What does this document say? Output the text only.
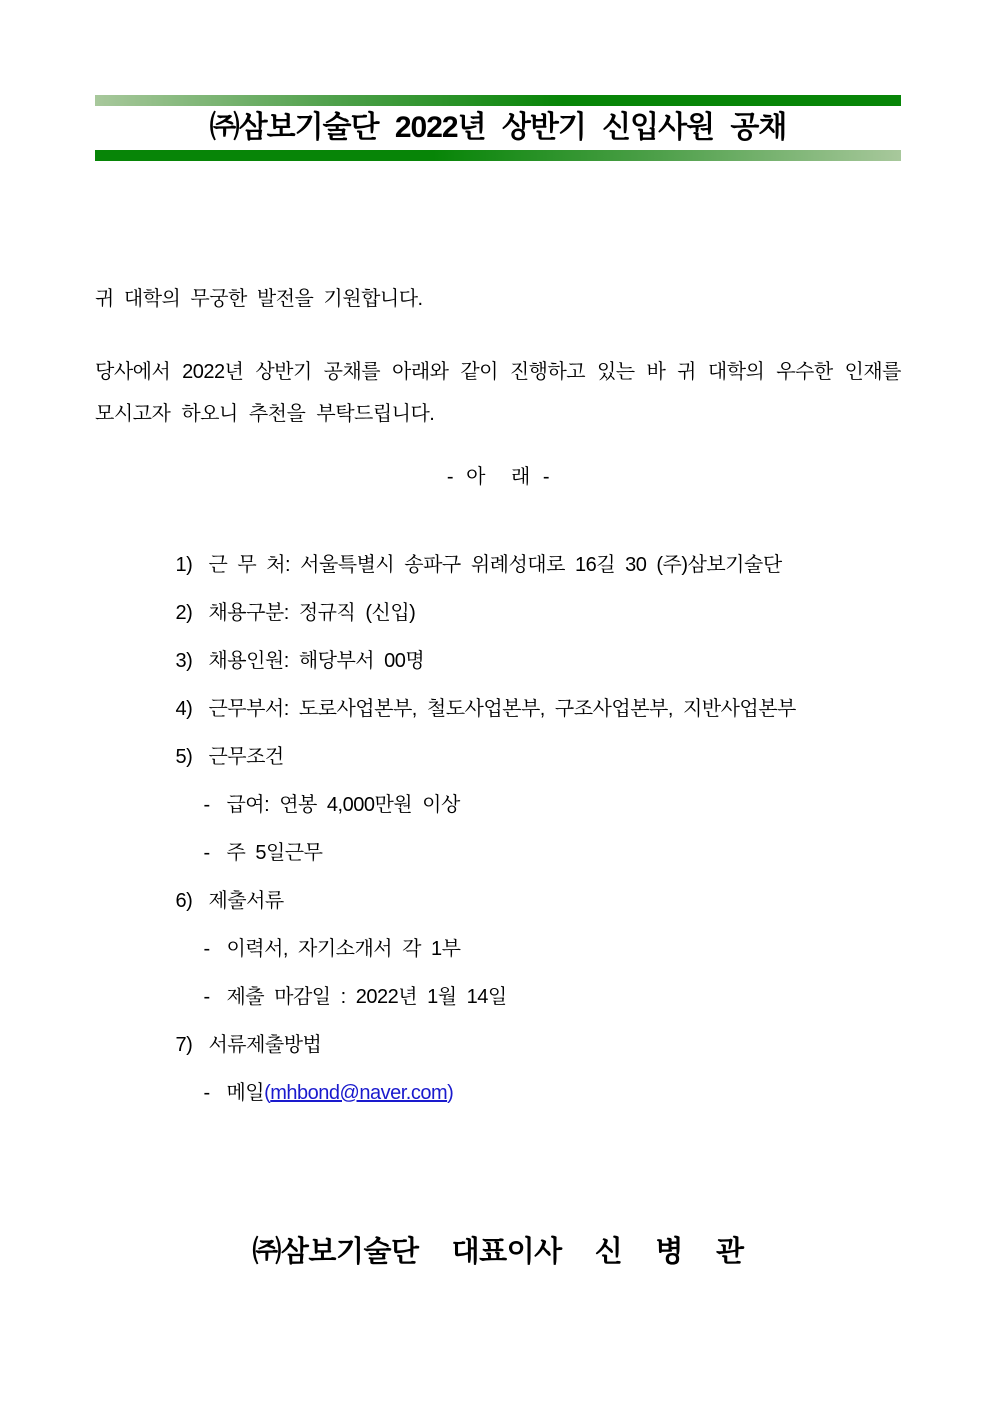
㈜삼보기술단 2022년 상반기 신입사원 공채

귀 대학의 무궁한 발전을 기원합니다.

당사에서 2022년 상반기 공채를 아래와 같이 진행하고 있는 바 귀 대학의 우수한 인재를 모시고자 하오니 추천을 부탁드립니다.

- 아  래 -

1) 근 무 처: 서울특별시 송파구 위례성대로 16길 30 (주)삼보기술단

2) 채용구분: 정규직 (신입)

3) 채용인원: 해당부서 00명

4) 근무부서: 도로사업본부, 철도사업본부, 구조사업본부, 지반사업본부

5) 근무조건

- 급여: 연봉 4,000만원 이상

- 주 5일근무

6) 제출서류

- 이력서, 자기소개서 각 1부

- 제출 마감일 : 2022년 1월 14일

7) 서류제출방법

- 메일(mhbond@naver.com)

㈜삼보기술단  대표이사  신  병  관
